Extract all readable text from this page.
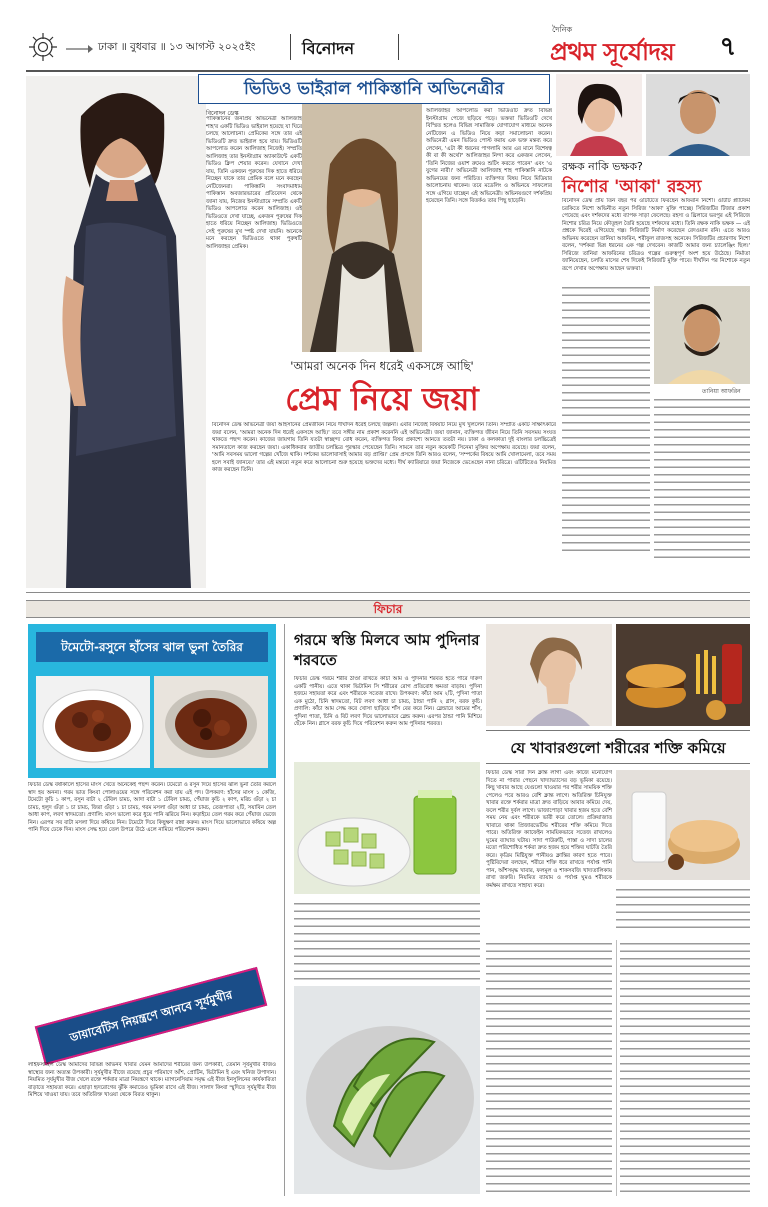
ঢাকা ॥ বুধবার ॥ ১৩ আগস্ট ২০২৫ইং	বিনোদন
দৈনিক
প্রথম সূর্যোদয়	৭
ভিডিও ভাইরাল পাকিস্তানি অভিনেত্রীর
বিনোদন ডেস্ক
পাকিস্তানের জনপ্রিয় অভিনেত্রী আলিজাহ শাহ'র একটি ভিডিও ভাইরাল হয়েছে যা ঘিরে চলছে আলোচনা। প্রেমিকের সঙ্গে তার এই ভিডিওটি দ্রুত ভাইরাল হয়ে যায়। ভিডিওটি আপলোড করেন আলিজাহ নিজেই। সম্প্রতি আলিজাহ তার ইনস্টাগ্রাম অ্যাকাউন্টে একটি ভিডিও ক্লিপ শেয়ার করেন। যেখানে দেখা যায়, তিনি একজন পুরুষের দিক হাতে ধরিয়ে নিচ্ছেন যাকে তার প্রেমিক বলে মনে করছেন নেটিজেনরা। পাকিস্তানি সংবাদমাধ্যম পাকিস্তান অবজারভারের প্রতিবেদন থেকে জানা যায়, নিজের ইনস্টাগ্রামে সম্প্রতি একটি ভিডিও আপলোড করেন আলিজাহ। ওই ভিডিওতে দেখা যাচ্ছে, একজন পুরুষের দিক হাতে ধরিয়ে নিচ্ছেন আলিজাহ। ভিডিওতে সেই পুরুষের মুখ স্পষ্ট দেখা যায়নি। অনেকে মনে করছেন ভিডিওতে থাকা পুরুষটি আলিজাহর প্রেমিক।
আলিজাহর আপলোড করা ভিডিওটি দ্রুত বিভিন্ন ইনস্টাগ্রাম পেজে ছড়িয়ে পড়ে। ভক্তরা ভিডিওটি দেখে বিস্মিত হলেও বিভিন্ন সামাজিক যোগাযোগ মাধ্যমে অনেক নেটিজেন এ ভিডিও নিয়ে কড়া সমালোচনা করেন। অভিনেত্রী এমন ভিডিও পোস্ট করায় এক ভক্ত মন্তব্য করে লেখেন, 'এটা কী ধরনের পাগলামি আর এর মানে বিশেষত্ব কী বা কী অর্থে?' আলিজাহর নিন্দা করে একজন লেখেন, 'তিনি নিজের ওয়াশ রুমেও শুটিং করতে পারেন' এবং 'এ যুগের নারী।' অভিনেত্রী আলিজাহ শাহ পাকিস্তানি নাটকে অভিনয়ের জন্য পরিচিত। ব্যক্তিগত বিষয় নিয়ে মিডিয়ার আলোচনায় থাকেন। তবে মডেলিং ও অভিনয়ে সাফল্যের সঙ্গে এগিয়ে যাচ্ছেন এই অভিনেত্রী। অভিনয়গুণে দর্শকপ্রিয় হয়েছেন তিনি। সঙ্গে বিতর্কও তার পিছু ছাড়েনি।
রক্ষক নাকি ভক্ষক?
নিশোর 'আকা' রহস্য
বিনোদন ডেস্ক প্রায় তিন বছর পর ওটিটিতে ফিরছেন আফরান নিশো। ওটিটি প্ল্যাটফর্ম চরকিতে নিশো অভিনীত নতুন সিরিজ 'আকা' মুক্তি পাচ্ছে। সিরিজটির টিজার প্রকাশ পেয়েছে এবং দর্শকদের মধ্যে ব্যাপক সাড়া ফেলেছে। রহস্য ও থ্রিলারে ভরপুর এই সিরিজে নিশোর চরিত্র নিয়ে কৌতূহল তৈরি হয়েছে দর্শকদের মধ্যে। তিনি রক্ষক নাকি ভক্ষক — এই প্রশ্নকে ঘিরেই এগিয়েছে গল্প। সিরিজটি নির্মাণ করেছেন রেদওয়ান রনি। এতে আরও অভিনয় করেছেন তানিয়া আফরিন, শরীফুল রাজসহ অনেকে। সিরিজটির প্রচারণায় নিশো বলেন, 'দর্শকরা ভিন্ন ধরনের এক গল্প দেখবেন। কাজটি আমার জন্য চ্যালেঞ্জিং ছিল।' সিরিজে তানিয়া আফরিনের চরিত্রও গল্পের গুরুত্বপূর্ণ অংশ হয়ে উঠেছে। নির্মাতা জানিয়েছেন, চলতি মাসের শেষ দিকেই সিরিজটি মুক্তি পাবে। দীর্ঘদিন পর নিশোকে নতুন রূপে দেখার অপেক্ষায় আছেন ভক্তরা।
তানিয়া আফরিন
'আমরা অনেক দিন ধরেই একসঙ্গে আছি'
প্রেম নিয়ে জয়া
বিনোদন ডেস্ক অভিনেত্রী জয়া আহসানের প্রেমজীবন নিয়ে দীর্ঘদিন ধরেই চলছে জল্পনা। এবার নিজেই বিষয়টি নিয়ে মুখ খুললেন তিনি। সম্প্রতি একটি সাক্ষাৎকারে জয়া বলেন, 'আমরা অনেক দিন ধরেই একসঙ্গে আছি।' তবে সঙ্গীর নাম প্রকাশ করেননি এই অভিনেত্রী। জয়া জানান, ব্যক্তিগত জীবন নিয়ে তিনি সবসময় সংযত থাকতে পছন্দ করেন। কাজের জায়গায় তিনি যতটা স্বাচ্ছন্দ্য বোধ করেন, ব্যক্তিগত বিষয় প্রকাশ্যে আনতে ততটা নয়। ঢাকা ও কলকাতা দুই বাংলার চলচ্চিত্রেই সমানতালে কাজ করছেন জয়া। একাধিকবার জাতীয় চলচ্চিত্র পুরস্কার পেয়েছেন তিনি। সামনে তার নতুন কয়েকটি সিনেমা মুক্তির অপেক্ষায় রয়েছে। জয়া বলেন, 'আমি সবসময় ভালো গল্পের খোঁজে থাকি। দর্শকের ভালোবাসাই আমার বড় প্রাপ্তি।' প্রেম প্রসঙ্গে তিনি আরও বলেন, 'সম্পর্কের বিষয়ে আমি খোলামেলা, তবে সময় হলে সবাই জানবে।' তার এই মন্তব্যে নতুন করে আলোচনা শুরু হয়েছে ভক্তদের মধ্যে। দীর্ঘ ক্যারিয়ারে জয়া নিজেকে ভেঙেছেন নানা চরিত্রে। ওটিটিতেও নিয়মিত কাজ করছেন তিনি।
ফিচার
টমেটো-রসুনে হাঁসের ঝাল ভুনা তৈরির
ফিচার ডেস্ক বর্ষাকালে হাঁসের মাংস খেতে অনেকেই পছন্দ করেন। টমেটো ও রসুন দিয়ে হাঁসের ঝাল ভুনা তৈরি করলে স্বাদ হয় অনন্য। গরম ভাত কিংবা পোলাওয়ের সঙ্গে পরিবেশন করা যায় এই পদ। উপকরণ: হাঁসের মাংস ১ কেজি, টমেটো কুচি ১ কাপ, রসুন বাটা ২ টেবিল চামচ, আদা বাটা ১ টেবিল চামচ, পেঁয়াজ কুচি ২ কাপ, মরিচ গুঁড়া ২ চা চামচ, হলুদ গুঁড়া ১ চা চামচ, জিরা গুঁড়া ১ চা চামচ, গরম মসলা গুঁড়া আধা চা চামচ, তেজপাতা ২টি, সয়াবিন তেল আধা কাপ, লবণ স্বাদমতো। প্রণালি: মাংস ভালো করে ধুয়ে পানি ঝরিয়ে নিন। কড়াইয়ে তেল গরম করে পেঁয়াজ ভেজে নিন। এরপর সব বাটা মসলা দিয়ে কষিয়ে নিন। টমেটো দিয়ে কিছুক্ষণ রান্না করুন। মাংস দিয়ে ভালোভাবে কষিয়ে অল্প পানি দিয়ে ঢেকে দিন। মাংস সেদ্ধ হয়ে তেল উপরে উঠে এলে নামিয়ে পরিবেশন করুন।
ডায়াবেটিস নিয়ন্ত্রণে আনবে সূর্যমুখীর
লাইফস্টাইল ডেস্ক আমাদের বিভিন্ন অভিনব খাবার যেমন আমাদের শরীরের জন্য উপকারী, তেমনি সূর্যমুখীর বীজও স্বাস্থ্যের জন্য অত্যন্ত উপকারী। সূর্যমুখীর বীজে রয়েছে প্রচুর পরিমাণে আঁশ, প্রোটিন, ভিটামিন ই এবং খনিজ উপাদান। নিয়মিত সূর্যমুখীর বীজ খেলে রক্তে শর্করার মাত্রা নিয়ন্ত্রণে থাকে। ম্যাগনেসিয়াম সমৃদ্ধ এই বীজ ইনসুলিনের কার্যকারিতা বাড়াতে সহায়তা করে। এছাড়া হৃদরোগের ঝুঁকি কমাতেও ভূমিকা রাখে এই বীজ। সালাদ কিংবা স্মুদিতে সূর্যমুখীর বীজ মিশিয়ে খাওয়া যায়। তবে অতিরিক্ত খাওয়া থেকে বিরত থাকুন।
গরমে স্বস্তি মিলবে আম পুদিনার শরবতে
ফিচার ডেস্ক গরমে শরীর ঠাণ্ডা রাখতে কাঁচা আম ও পুদিনার শরবত হতে পারে দারুণ একটি পানীয়। এতে থাকা ভিটামিন সি শরীরের রোগ প্রতিরোধ ক্ষমতা বাড়ায়। পুদিনা হজমে সহায়তা করে এবং শরীরকে সতেজ রাখে। উপকরণ: কাঁচা আম ২টি, পুদিনা পাতা এক মুঠো, চিনি স্বাদমতো, বিট লবণ আধা চা চামচ, ঠান্ডা পানি ২ গ্লাস, বরফ কুচি। প্রণালি: কাঁচা আম সেদ্ধ করে খোসা ছাড়িয়ে শাঁস বের করে নিন। ব্লেন্ডারে আমের শাঁস, পুদিনা পাতা, চিনি ও বিট লবণ দিয়ে ভালোভাবে ব্লেন্ড করুন। এরপর ঠান্ডা পানি মিশিয়ে ছেঁকে নিন। গ্লাসে বরফ কুচি দিয়ে পরিবেশন করুন আম পুদিনার শরবত।
যে খাবারগুলো শরীরের শক্তি কমিয়ে
ফিচার ডেস্ক সারা দিন ক্লান্ত লাগা এবং কাজে মনোযোগ দিতে না পারার পেছনে খাদ্যাভ্যাসের বড় ভূমিকা রয়েছে। কিছু খাবার আছে যেগুলো খাওয়ার পর শরীর সাময়িক শক্তি পেলেও পরে আরও বেশি ক্লান্ত লাগে। অতিরিক্ত চিনিযুক্ত খাবার রক্তে শর্করার মাত্রা দ্রুত বাড়িয়ে আবার কমিয়ে দেয়, ফলে শরীর দুর্বল লাগে। ভাজাপোড়া খাবার হজম হতে বেশি সময় নেয় এবং শরীরকে ভারী করে তোলে। প্রক্রিয়াজাত খাবারে থাকা প্রিজারভেটিভ শরীরের শক্তি কমিয়ে দিতে পারে। অতিরিক্ত ক্যাফেইন সাময়িকভাবে সতেজ রাখলেও ঘুমের ব্যাঘাত ঘটায়। সাদা পাউরুটি, পাস্তা ও সাদা চালের মতো পরিশোধিত শর্করা দ্রুত হজম হয়ে শক্তির ঘাটতি তৈরি করে। কৃত্রিম মিষ্টিযুক্ত পানীয়ও ক্লান্তির কারণ হতে পারে। পুষ্টিবিদেরা বলছেন, শরীরে শক্তি ধরে রাখতে পর্যাপ্ত পানি পান, আঁশসমৃদ্ধ খাবার, ফলমূল ও শাকসবজি খাদ্যতালিকায় রাখা জরুরি। নিয়মিত ব্যায়াম ও পর্যাপ্ত ঘুমও শরীরকে কর্মক্ষম রাখতে সাহায্য করে।
